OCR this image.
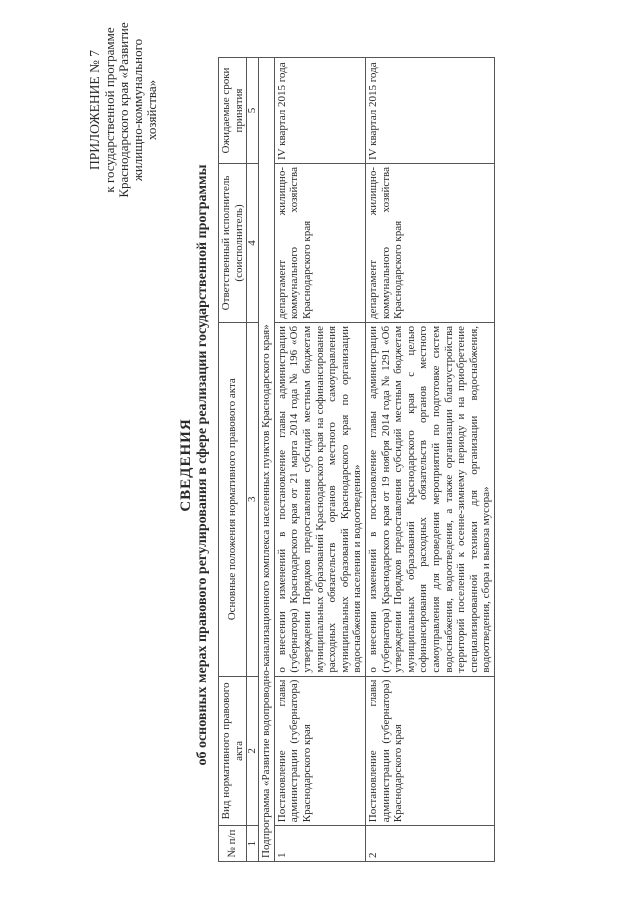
ПРИЛОЖЕНИЕ № 7 к государственной программе Краснодарского края «Развитие жилищно-коммунального хозяйства»
СВЕДЕНИЯ об основных мерах правового регулирования в сфере реализации государственной программы
№ п/п	Вид нормативного правового акта	Основные положения нормативного правового акта	Ответственный исполнитель (соисполнитель)	Ожидаемые сроки принятия
1	2	3	4	5
Подпрограмма «Развитие водопроводно-канализационного комплекса населенных пунктов Краснодарского края»				
1	Постановление главы администрации (губернатора) Краснодарского края	о внесении изменений в постановление главы администрации (губернатора) Краснодарского края от 21 марта 2014 года № 196 «Об утверждении Порядков предоставления субсидий местным бюджетам муниципальных образований Краснодарского края на софинансирование расходных обязательств органов местного самоуправления муниципальных образований Краснодарского края по организации водоснабжения населения и водоотведения»	департамент жилищно-коммунального хозяйства Краснодарского края	IV квартал 2015 года
2	Постановление главы администрации (губернатора) Краснодарского края	о внесении изменений в постановление главы администрации (губернатора) Краснодарского края от 19 ноября 2014 года № 1291 «Об утверждении Порядков предоставления субсидий местным бюджетам муниципальных образований Краснодарского края с целью софинансирования расходных обязательств органов местного самоуправления для проведения мероприятий по подготовке систем водоснабжения, водоотведения, а также организации благоустройства территорий поселений к осенне-зимнему периоду и на приобретение специализированной техники для организации водоснабжения, водоотведения, сбора и вывоза мусора»	департамент жилищно-коммунального хозяйства Краснодарского края	IV квартал 2015 года
